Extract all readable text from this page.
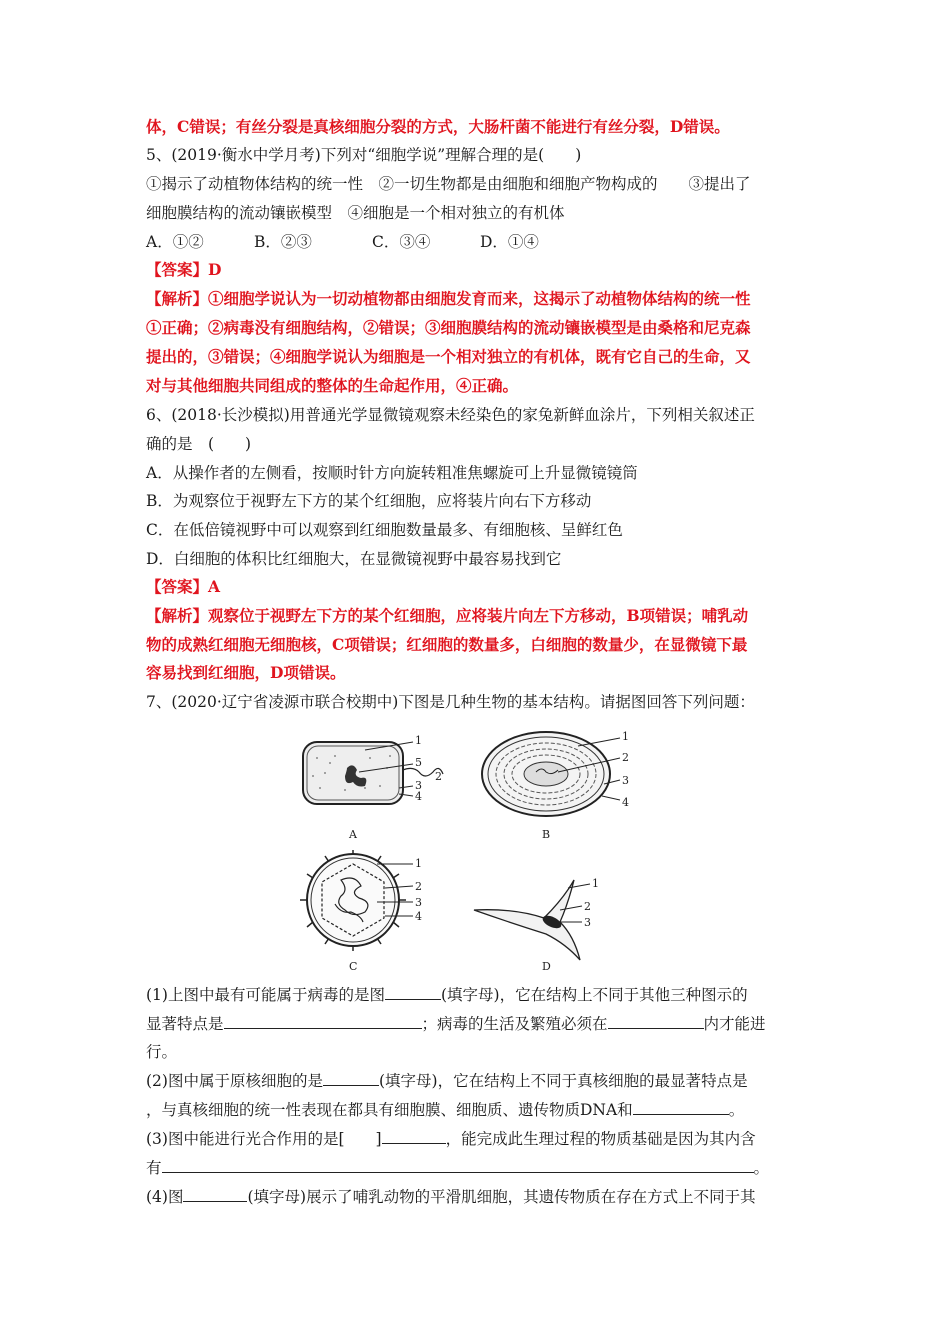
体，C错误；有丝分裂是真核细胞分裂的方式，大肠杆菌不能进行有丝分裂，D错误。
5、(2019·衡水中学月考)下列对“细胞学说”理解合理的是(　　)
①揭示了动植物体结构的统一性　②一切生物都是由细胞和细胞产物构成的　　③提出了
细胞膜结构的流动镶嵌模型　④细胞是一个相对独立的有机体
A．①②	B．②③	C．③④	D．①④
【答案】D
【解析】①细胞学说认为一切动植物都由细胞发育而来，这揭示了动植物体结构的统一性
①正确；②病毒没有细胞结构，②错误；③细胞膜结构的流动镶嵌模型是由桑格和尼克森
提出的，③错误；④细胞学说认为细胞是一个相对独立的有机体，既有它自己的生命，又
对与其他细胞共同组成的整体的生命起作用，④正确。
6、(2018·长沙模拟)用普通光学显微镜观察未经染色的家兔新鲜血涂片，下列相关叙述正
确的是　(　　)
A．从操作者的左侧看，按顺时针方向旋转粗准焦螺旋可上升显微镜镜筒
B．为观察位于视野左下方的某个红细胞，应将装片向右下方移动
C．在低倍镜视野中可以观察到红细胞数量最多、有细胞核、呈鲜红色
D．白细胞的体积比红细胞大，在显微镜视野中最容易找到它
【答案】A
【解析】观察位于视野左下方的某个红细胞，应将装片向左下方移动，B项错误；哺乳动
物的成熟红细胞无细胞核，C项错误；红细胞的数量多，白细胞的数量少，在显微镜下最
容易找到红细胞，D项错误。
7、(2020·辽宁省凌源市联合校期中)下图是几种生物的基本结构。请据图回答下列问题：
1
5
2
3
4
A
1
2
3
4
B
1
2
3
4
C
1
2
3
D
(1)上图中最有可能属于病毒的是图	(填字母)，它在结构上不同于其他三种图示的
显著特点是	；病毒的生活及繁殖必须在	内才能进
行。
(2)图中属于原核细胞的是	(填字母)，它在结构上不同于真核细胞的最显著特点是
，与真核细胞的统一性表现在都具有细胞膜、细胞质、遗传物质DNA和	。
(3)图中能进行光合作用的是[　　]	，能完成此生理过程的物质基础是因为其内含
有	。
(4)图	(填字母)展示了哺乳动物的平滑肌细胞，其遗传物质在存在方式上不同于其
